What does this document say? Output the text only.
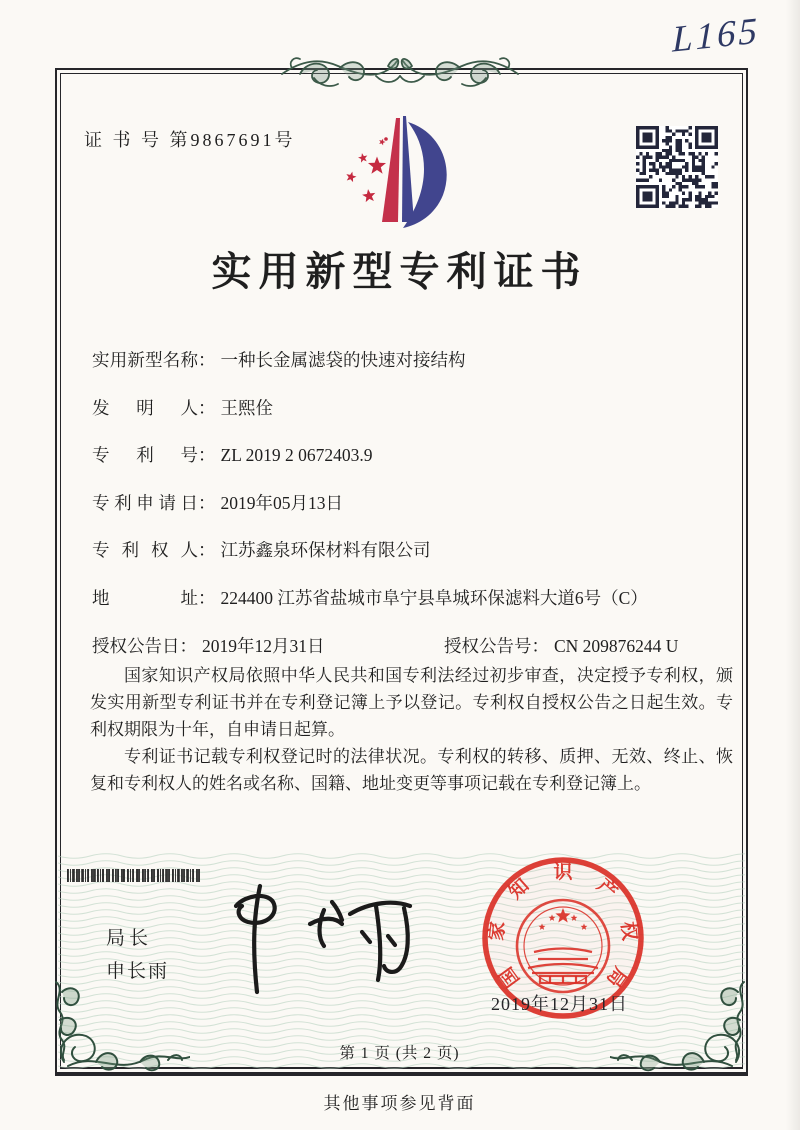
L165
证 书 号 第9867691号
实用新型专利证书
实用新型名称： 一种长金属滤袋的快速对接结构
发明人： 王熙佺
专利号： ZL 2019 2 0672403.9
专利申请日： 2019年05月13日
专利权人： 江苏鑫泉环保材料有限公司
地址： 224400 江苏省盐城市阜宁县阜城环保滤料大道6号（C）
授权公告日： 2019年12月31日	授权公告号： CN 209876244 U

国家知识产权局依照中华人民共和国专利法经过初步审查，决定授予专利权，颁发实用新型专利证书并在专利登记簿上予以登记。专利权自授权公告之日起生效。专利权期限为十年，自申请日起算。

专利证书记载专利权登记时的法律状况。专利权的转移、质押、无效、终止、恢复和专利权人的姓名或名称、国籍、地址变更等事项记载在专利登记簿上。

局长
申长雨	国
家
知
识
产
权
局
2019年12月31日
第 1 页 (共 2 页)
其他事项参见背面
